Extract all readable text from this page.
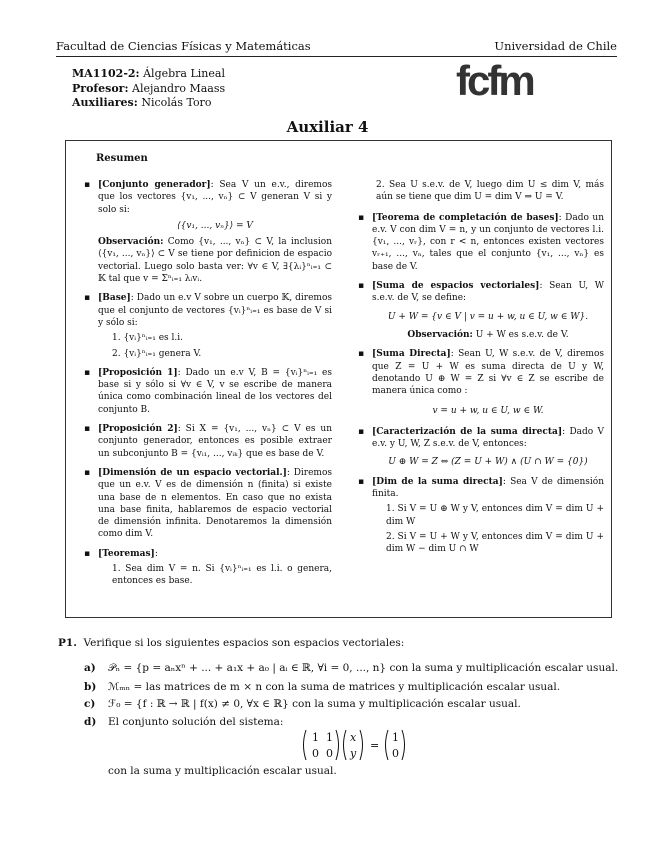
Facultad de Ciencias Físicas y Matemáticas	Universidad de Chile
MA1102-2: Álgebra Lineal
Profesor: Alejandro Maass
Auxiliares: Nicolás Toro	fcfm
Auxiliar 4
Resumen
▪ [Conjunto generador]: Sea V un e.v., diremos que los vectores {v₁, ..., vₙ} ⊂ V generan V si y solo si:
⟨{v₁, ..., vₙ}⟩ = V
Observación: Como {v₁, ..., vₙ} ⊂ V, la inclusion ⟨{v₁, ..., vₙ}⟩ ⊂ V se tiene por definicion de espacio vectorial. Luego solo basta ver: ∀v ∈ V, ∃{λᵢ}ⁿᵢ₌₁ ⊂ 𝕂 tal que v = Σⁿᵢ₌₁ λᵢvᵢ.
▪ [Base]: Dado un e.v V sobre un cuerpo 𝕂, diremos que el conjunto de vectores {vᵢ}ⁿᵢ₌₁ es base de V si y sólo si:
1. {vᵢ}ⁿᵢ₌₁ es l.i.
2. {vᵢ}ⁿᵢ₌₁ genera V.
▪ [Proposición 1]: Dado un e.v V, B = {vᵢ}ⁿᵢ₌₁ es base si y sólo si ∀v ∈ V, v se escribe de manera única como combinación lineal de los vectores del conjunto B.
▪ [Proposición 2]: Si X = {v₁, ..., vₙ} ⊂ V es un conjunto generador, entonces es posible extraer un subconjunto B = {vᵢ₁, ..., vᵢₖ} que es base de V.
▪ [Dimensión de un espacio vectorial.]: Diremos que un e.v. V es de dimensión n (finita) si existe una base de n elementos. En caso que no exista una base finita, hablaremos de espacio vectorial de dimensión infinita. Denotaremos la dimensión como dim V.
▪ [Teoremas]:
1. Sea dim V = n. Si {vᵢ}ⁿᵢ₌₁ es l.i. o genera, entonces es base.
2. Sea U s.e.v. de V, luego dim U ≤ dim V, más aún se tiene que dim U = dim V ⇒ U = V.
▪ [Teorema de completación de bases]: Dado un e.v. V con dim V = n, y un conjunto de vectores l.i. {v₁, ..., vᵣ}, con r < n, entonces existen vectores vᵣ₊₁, ..., vₙ, tales que el conjunto {v₁, ..., vₙ} es base de V.
▪ [Suma de espacios vectoriales]: Sean U, W s.e.v. de V, se define:
U + W = {v ∈ V | v = u + w, u ∈ U, w ∈ W}.
Observación: U + W es s.e.v. de V.
▪ [Suma Directa]: Sean U, W s.e.v. de V, diremos que Z = U + W es suma directa de U y W, denotando U ⊕ W = Z si ∀v ∈ Z se escribe de manera única como :
v = u + w, u ∈ U, w ∈ W.
▪ [Caracterización de la suma directa]: Dado V e.v. y U, W, Z s.e.v. de V, entonces:
U ⊕ W = Z ⇔ (Z = U + W) ∧ (U ∩ W = {0})
▪ [Dim de la suma directa]: Sea V de dimensión finita.
1. Si V = U ⊕ W y V, entonces dim V = dim U + dim W
2. Si V = U + W y V, entonces dim V = dim U + dim W − dim U ∩ W
P1. Verifique si los siguientes espacios son espacios vectoriales:
a) 𝒫ₙ = {p = aₙxⁿ + ... + a₁x + a₀ | aᵢ ∈ ℝ, ∀i = 0, ..., n} con la suma y multiplicación escalar usual.
b) ℳₘₙ = las matrices de m × n con la suma de matrices y multiplicación escalar usual.
c) ℱ₀ = {f : ℝ → ℝ | f(x) ≠ 0, ∀x ∈ ℝ} con la suma y multiplicación escalar usual.
d) El conjunto solución del sistema:
1 1
0 0
x
y
=
1
0
con la suma y multiplicación escalar usual.
